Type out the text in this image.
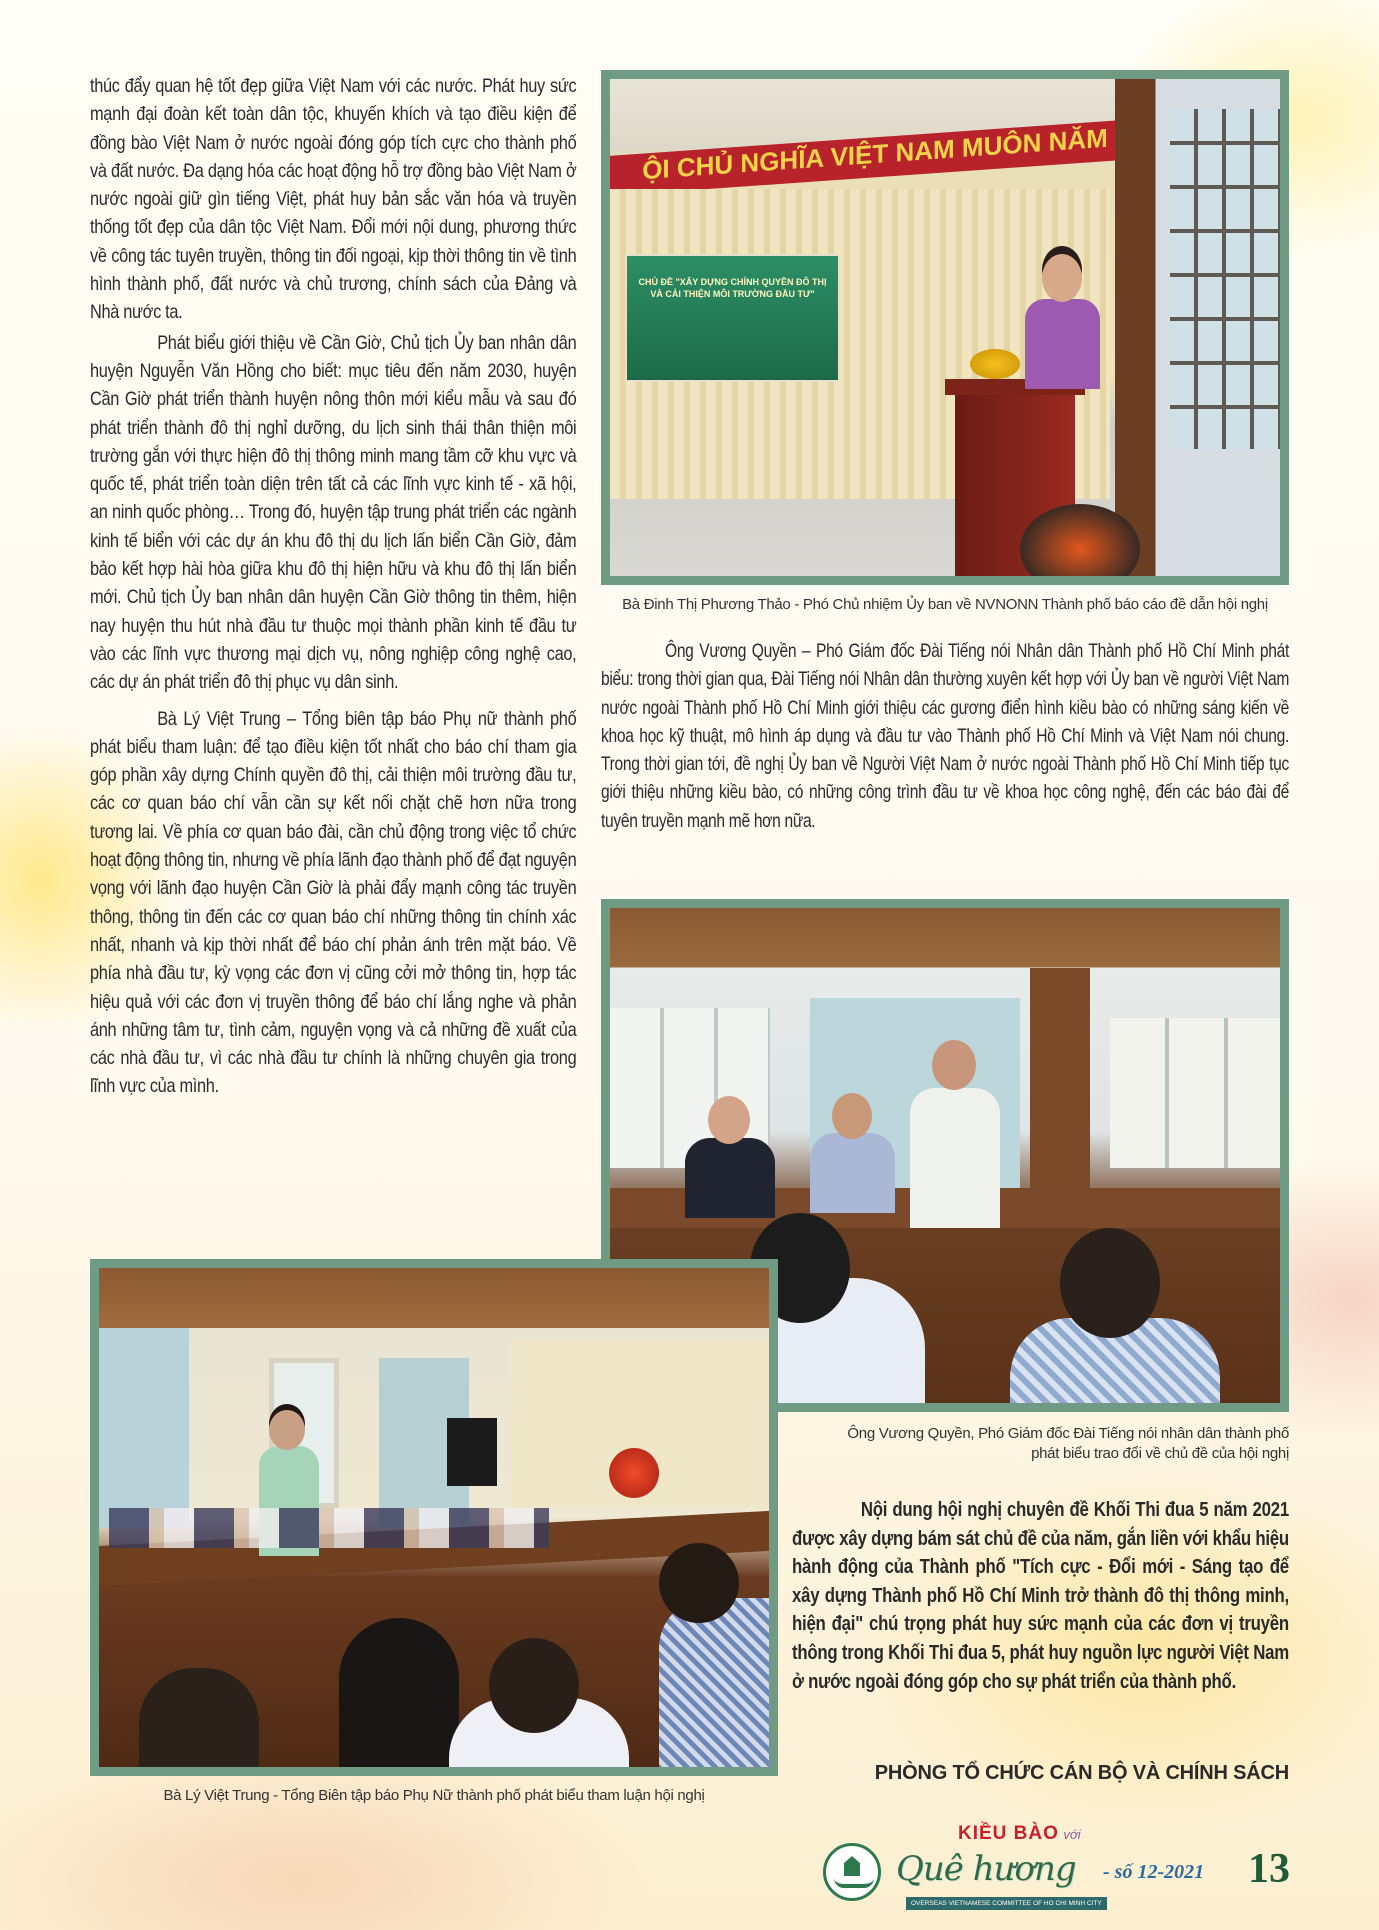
thúc đẩy quan hệ tốt đẹp giữa Việt Nam với các nước. Phát huy sức mạnh đại đoàn kết toàn dân tộc, khuyến khích và tạo điều kiện để đồng bào Việt Nam ở nước ngoài đóng góp tích cực cho thành phố và đất nước. Đa dạng hóa các hoạt động hỗ trợ đồng bào Việt Nam ở nước ngoài giữ gìn tiếng Việt, phát huy bản sắc văn hóa và truyền thống tốt đẹp của dân tộc Việt Nam. Đổi mới nội dung, phương thức về công tác tuyên truyền, thông tin đối ngoại, kịp thời thông tin về tình hình thành phố, đất nước và chủ trương, chính sách của Đảng và Nhà nước ta.

Phát biểu giới thiệu về Cần Giờ, Chủ tịch Ủy ban nhân dân huyện Nguyễn Văn Hồng cho biết: mục tiêu đến năm 2030, huyện Cần Giờ phát triển thành huyện nông thôn mới kiểu mẫu và sau đó phát triển thành đô thị nghỉ dưỡng, du lịch sinh thái thân thiện môi trường gắn với thực hiện đô thị thông minh mang tầm cỡ khu vực và quốc tế, phát triển toàn diện trên tất cả các lĩnh vực kinh tế - xã hội, an ninh quốc phòng… Trong đó, huyện tập trung phát triển các ngành kinh tế biển với các dự án khu đô thị du lịch lấn biển Cần Giờ, đảm bảo kết hợp hài hòa giữa khu đô thị hiện hữu và khu đô thị lấn biển mới. Chủ tịch Ủy ban nhân dân huyện Cần Giờ thông tin thêm, hiện nay huyện thu hút nhà đầu tư thuộc mọi thành phần kinh tế đầu tư vào các lĩnh vực thương mại dịch vụ, nông nghiệp công nghệ cao, các dự án phát triển đô thị phục vụ dân sinh.

Bà Lý Việt Trung – Tổng biên tập báo Phụ nữ thành phố phát biểu tham luận: để tạo điều kiện tốt nhất cho báo chí tham gia góp phần xây dựng Chính quyền đô thị, cải thiện môi trường đầu tư, các cơ quan báo chí vẫn cần sự kết nối chặt chẽ hơn nữa trong tương lai. Về phía cơ quan báo đài, cần chủ động trong việc tổ chức hoạt động thông tin, nhưng về phía lãnh đạo thành phố để đạt nguyện vọng với lãnh đạo huyện Cần Giờ là phải đẩy mạnh công tác truyền thông, thông tin đến các cơ quan báo chí những thông tin chính xác nhất, nhanh và kịp thời nhất để báo chí phản ánh trên mặt báo. Về phía nhà đầu tư, kỳ vọng các đơn vị cũng cởi mở thông tin, hợp tác hiệu quả với các đơn vị truyền thông để báo chí lắng nghe và phản ánh những tâm tư, tình cảm, nguyện vọng và cả những đề xuất của các nhà đầu tư, vì các nhà đầu tư chính là những chuyên gia trong lĩnh vực của mình.

ỘI CHỦ NGHĨA VIỆT NAM MUÔN NĂM
CHỦ ĐỀ "XÂY DỰNG CHÍNH QUYỀN ĐÔ THỊ VÀ CẢI THIỆN MÔI TRƯỜNG ĐẦU TƯ"
Bà Đinh Thị Phương Thảo - Phó Chủ nhiệm Ủy ban về NVNONN Thành phố báo cáo đề dẫn hội nghị

Ông Vương Quyền – Phó Giám đốc Đài Tiếng nói Nhân dân Thành phố Hồ Chí Minh phát biểu: trong thời gian qua, Đài Tiếng nói Nhân dân thường xuyên kết hợp với Ủy ban về người Việt Nam nước ngoài Thành phố Hồ Chí Minh giới thiệu các gương điển hình kiều bào có những sáng kiến về khoa học kỹ thuật, mô hình áp dụng và đầu tư vào Thành phố Hồ Chí Minh và Việt Nam nói chung. Trong thời gian tới, đề nghị Ủy ban về Người Việt Nam ở nước ngoài Thành phố Hồ Chí Minh tiếp tục giới thiệu những kiều bào, có những công trình đầu tư về khoa học công nghệ, đến các báo đài để tuyên truyền mạnh mẽ hơn nữa.

Ông Vương Quyền, Phó Giám đốc Đài Tiếng nói nhân dân thành phố
phát biểu trao đổi về chủ đề của hội nghị
Bà Lý Việt Trung - Tổng Biên tập báo Phụ Nữ thành phố phát biểu tham luận hội nghị
Nội dung hội nghị chuyên đề Khối Thi đua 5 năm 2021 được xây dựng bám sát chủ đề của năm, gắn liền với khẩu hiệu hành động của Thành phố "Tích cực - Đổi mới - Sáng tạo để xây dựng Thành phố Hồ Chí Minh trở thành đô thị thông minh, hiện đại" chú trọng phát huy sức mạnh của các đơn vị truyền thông trong Khối Thi đua 5, phát huy nguồn lực người Việt Nam ở nước ngoài đóng góp cho sự phát triển của thành phố.
PHÒNG TỔ CHỨC CÁN BỘ VÀ CHÍNH SÁCH
KIỀU BÀO với
Quê hương
OVERSEAS VIETNAMESE COMMITTEE OF HO CHI MINH CITY
- số 12-2021 13
